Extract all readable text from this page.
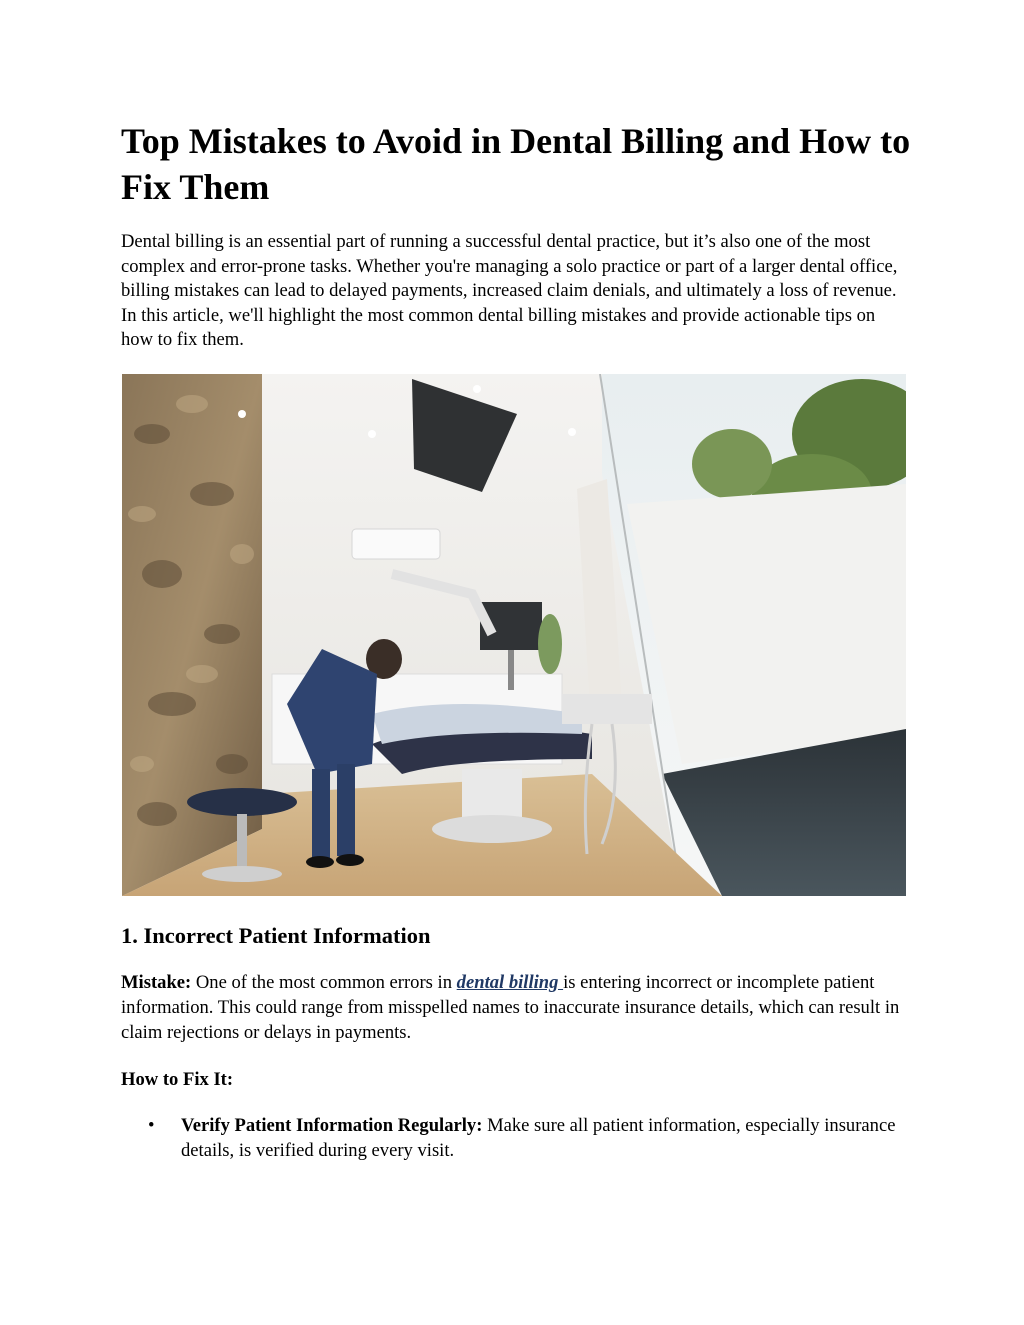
Top Mistakes to Avoid in Dental Billing and How to Fix Them

Dental billing is an essential part of running a successful dental practice, but it’s also one of the most complex and error-prone tasks. Whether you're managing a solo practice or part of a larger dental office, billing mistakes can lead to delayed payments, increased claim denials, and ultimately a loss of revenue. In this article, we'll highlight the most common dental billing mistakes and provide actionable tips on how to fix them.

1. Incorrect Patient Information

Mistake: One of the most common errors in dental billing is entering incorrect or incomplete patient information. This could range from misspelled names to inaccurate insurance details, which can result in claim rejections or delays in payments.

How to Fix It:

• Verify Patient Information Regularly: Make sure all patient information, especially insurance details, is verified during every visit.
